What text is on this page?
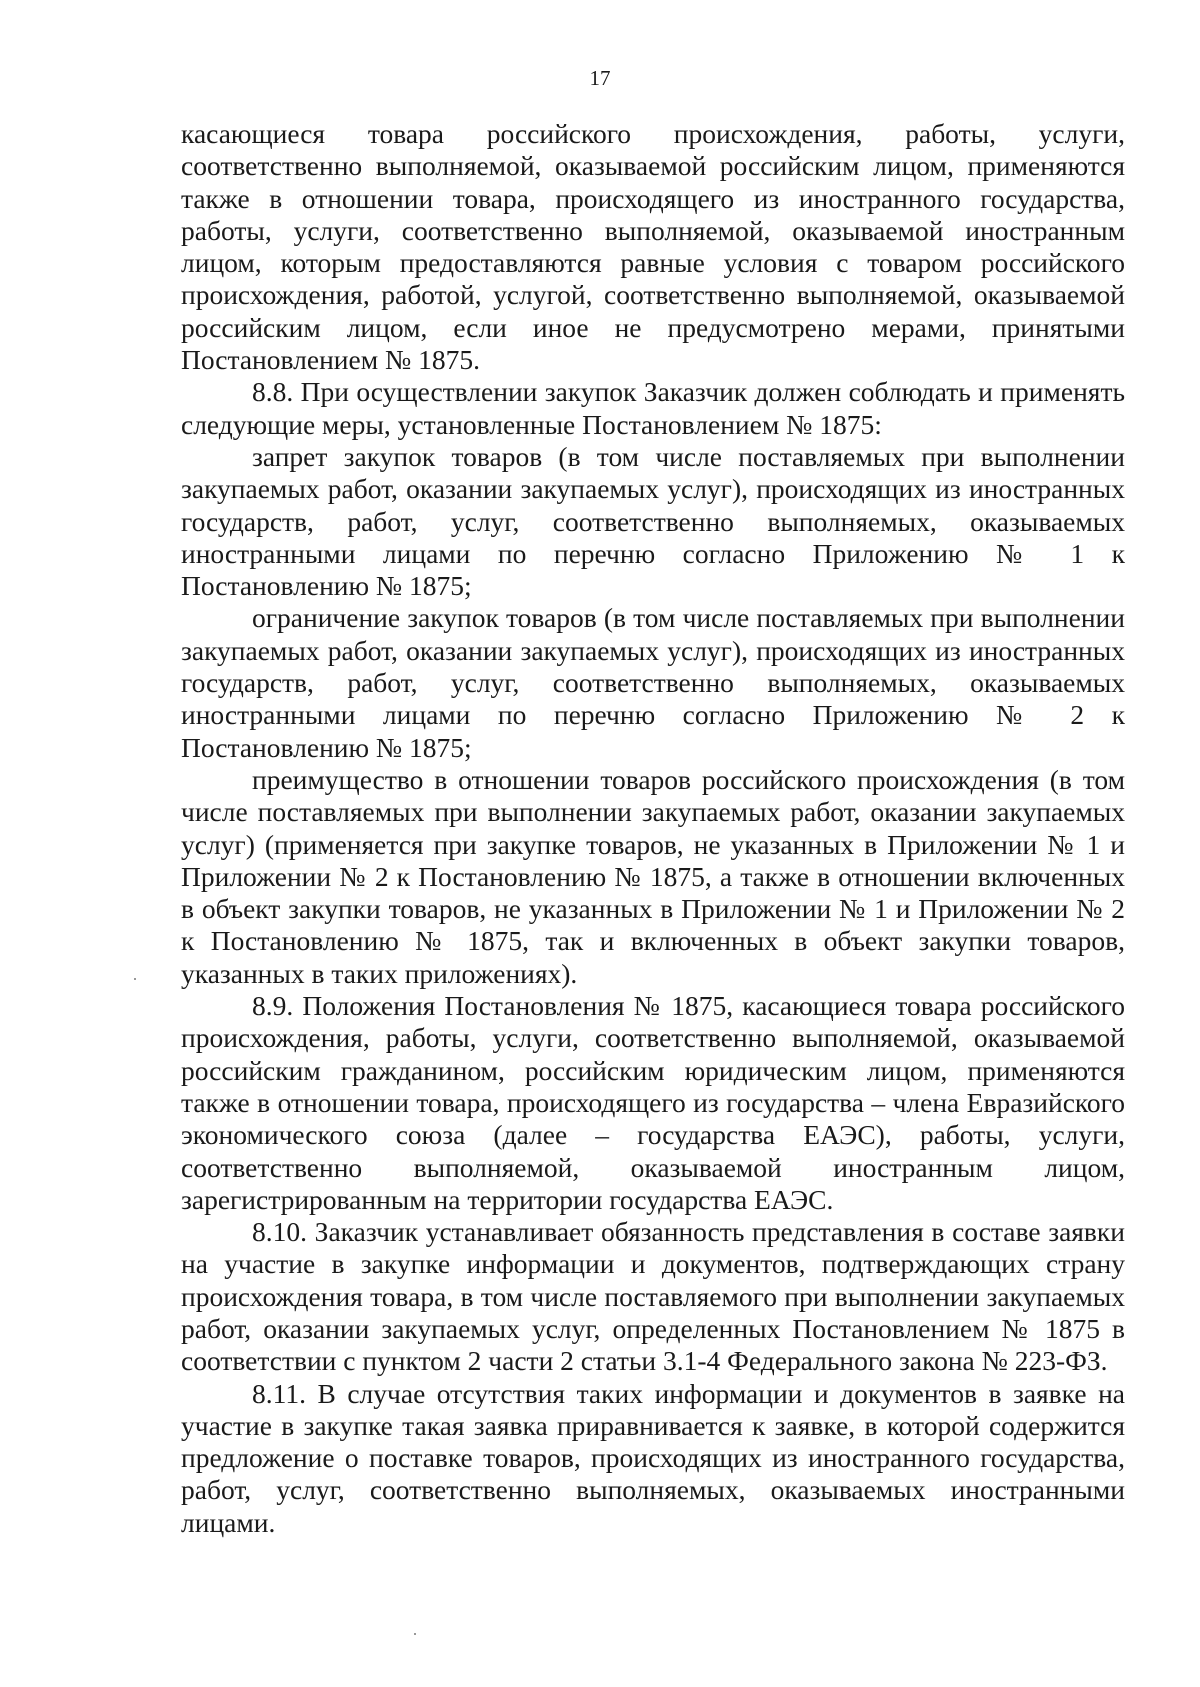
17

касающиеся товара российского происхождения, работы, услуги, соответственно выполняемой, оказываемой российским лицом, применяются также в отношении товара, происходящего из иностранного государства, работы, услуги, соответственно выполняемой, оказываемой иностранным лицом, которым предоставляются равные условия с товаром российского происхождения, работой, услугой, соответственно выполняемой, оказываемой российским лицом, если иное не предусмотрено мерами, принятыми Постановлением № 1875.

8.8. При осуществлении закупок Заказчик должен соблюдать и применять следующие меры, установленные Постановлением № 1875:

запрет закупок товаров (в том числе поставляемых при выполнении закупаемых работ, оказании закупаемых услуг), происходящих из иностранных государств, работ, услуг, соответственно выполняемых, оказываемых иностранными лицами по перечню согласно Приложению № 1 к Постановлению № 1875;

ограничение закупок товаров (в том числе поставляемых при выполнении закупаемых работ, оказании закупаемых услуг), происходящих из иностранных государств, работ, услуг, соответственно выполняемых, оказываемых иностранными лицами по перечню согласно Приложению № 2 к Постановлению № 1875;

преимущество в отношении товаров российского происхождения (в том числе поставляемых при выполнении закупаемых работ, оказании закупаемых услуг) (применяется при закупке товаров, не указанных в Приложении № 1 и Приложении № 2 к Постановлению № 1875, а также в отношении включенных в объект закупки товаров, не указанных в Приложении № 1 и Приложении № 2 к Постановлению № 1875, так и включенных в объект закупки товаров, указанных в таких приложениях).

8.9. Положения Постановления № 1875, касающиеся товара российского происхождения, работы, услуги, соответственно выполняемой, оказываемой российским гражданином, российским юридическим лицом, применяются также в отношении товара, происходящего из государства – члена Евразийского экономического союза (далее – государства ЕАЭС), работы, услуги, соответственно выполняемой, оказываемой иностранным лицом, зарегистрированным на территории государства ЕАЭС.

8.10. Заказчик устанавливает обязанность представления в составе заявки на участие в закупке информации и документов, подтверждающих страну происхождения товара, в том числе поставляемого при выполнении закупаемых работ, оказании закупаемых услуг, определенных Постановлением № 1875 в соответствии с пунктом 2 части 2 статьи 3.1-4 Федерального закона № 223-ФЗ.

8.11. В случае отсутствия таких информации и документов в заявке на участие в закупке такая заявка приравнивается к заявке, в которой содержится предложение о поставке товаров, происходящих из иностранного государства, работ, услуг, соответственно выполняемых, оказываемых иностранными лицами.
